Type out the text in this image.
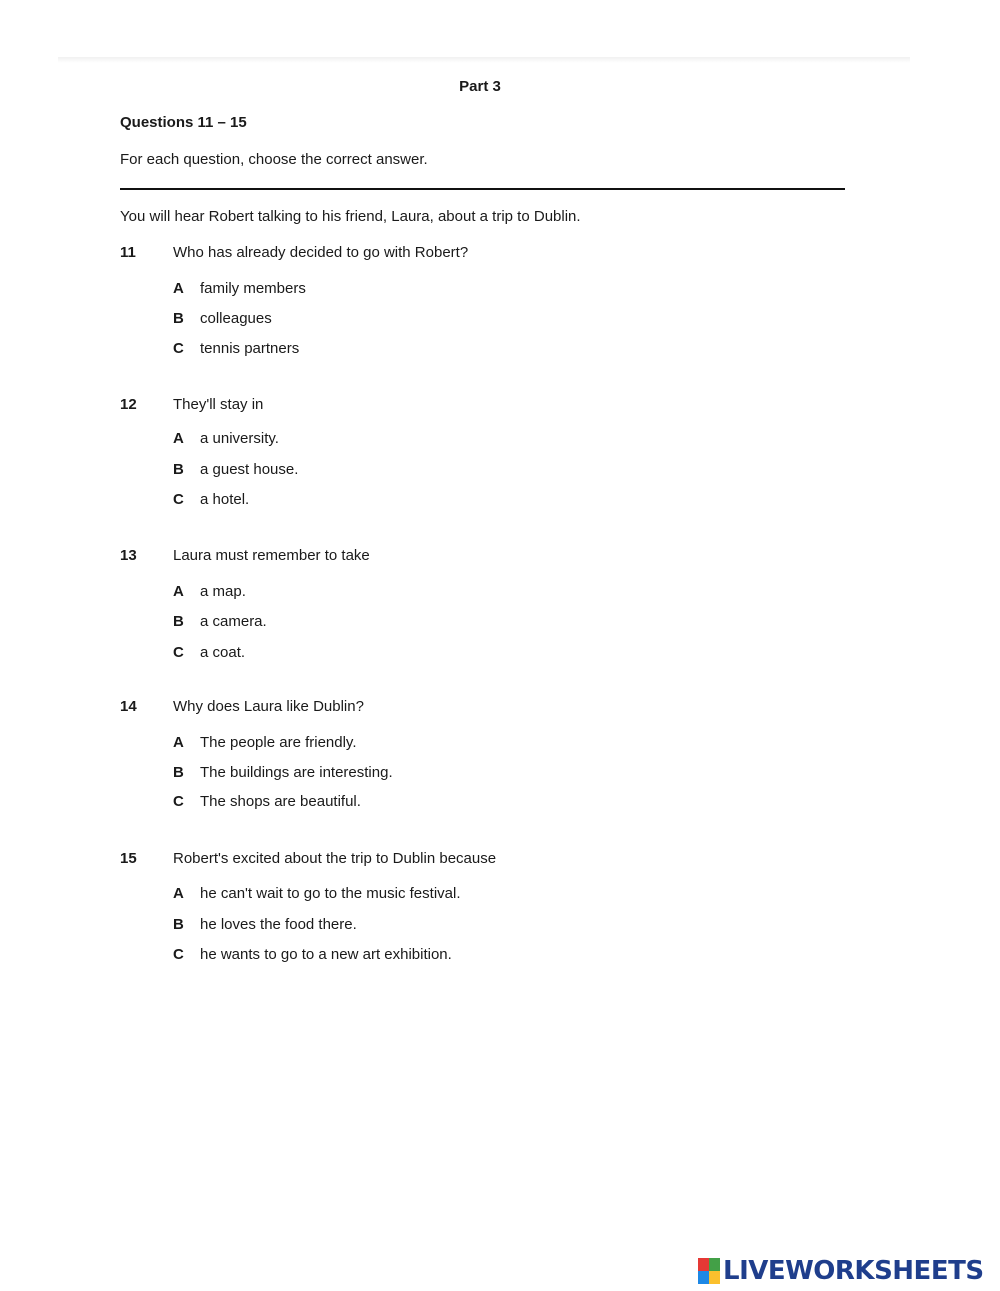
Part 3
Questions 11 – 15
For each question, choose the correct answer.
You will hear Robert talking to his friend, Laura, about a trip to Dublin.
11 Who has already decided to go with Robert?
A family members
B colleagues
C tennis partners
12 They'll stay in
A a university.
B a guest house.
C a hotel.
13 Laura must remember to take
A a map.
B a camera.
C a coat.
14 Why does Laura like Dublin?
A The people are friendly.
B The buildings are interesting.
C The shops are beautiful.
15 Robert's excited about the trip to Dublin because
A he can't wait to go to the music festival.
B he loves the food there.
C he wants to go to a new art exhibition.
LIVEWORKSHEETS
